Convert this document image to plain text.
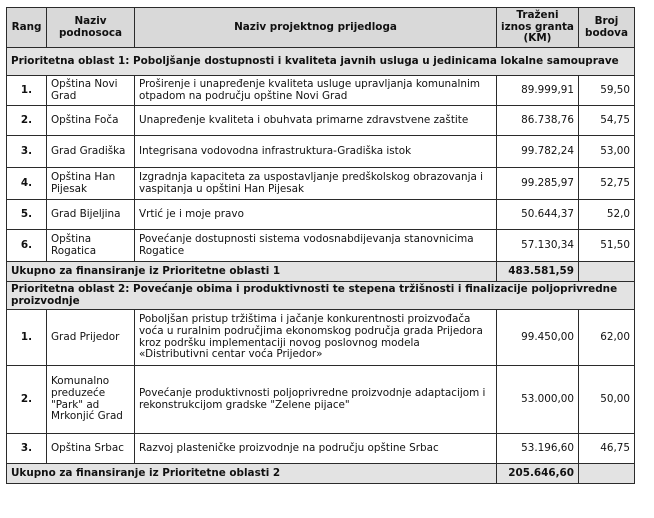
Rang	Naziv podnosoca	Naziv projektnog prijedloga	Traženi iznos granta (KM)	Broj bodova
Prioritetna oblast 1: Poboljšanje dostupnosti i kvaliteta javnih usluga u jedinicama lokalne samouprave				
1.	Opština Novi Grad	Proširenje i unapređenje kvaliteta usluge upravljanja komunalnim otpadom na području opštine Novi Grad	89.999,91	59,50
2.	Opština Foča	Unapređenje kvaliteta i obuhvata primarne zdravstvene zaštite	86.738,76	54,75
3.	Grad Gradiška	Integrisana vodovodna infrastruktura-Gradiška istok	99.782,24	53,00
4.	Opština Han Pijesak	Izgradnja kapaciteta za uspostavljanje predškolskog obrazovanja i vaspitanja u opštini Han Pijesak	99.285,97	52,75
5.	Grad Bijeljina	Vrtić je i moje pravo	50.644,37	52,0
6.	Opština Rogatica	Povećanje dostupnosti sistema vodosnabdijevanja stanovnicima Rogatice	57.130,34	51,50
Ukupno za finansiranje iz Prioritetne oblasti 1			483.581,59	
Prioritetna oblast 2: Povećanje obima i produktivnosti te stepena tržišnosti i finalizacije poljoprivredne proizvodnje				
1.	Grad Prijedor	Poboljšan pristup tržištima i jačanje konkurentnosti proizvođača voća u ruralnim područjima ekonomskog područja grada Prijedora kroz podršku implementaciji novog poslovnog modela «Distributivni centar voća Prijedor»	99.450,00	62,00
2.	Komunalno preduzeće "Park" ad Mrkonjić Grad	Povećanje produktivnosti poljoprivredne proizvodnje adaptacijom i rekonstrukcijom gradske "Zelene pijace"	53.000,00	50,00
3.	Opština Srbac	Razvoj plasteničke proizvodnje na području opštine Srbac	53.196,60	46,75
Ukupno za finansiranje iz Prioritetne oblasti 2			205.646,60	
